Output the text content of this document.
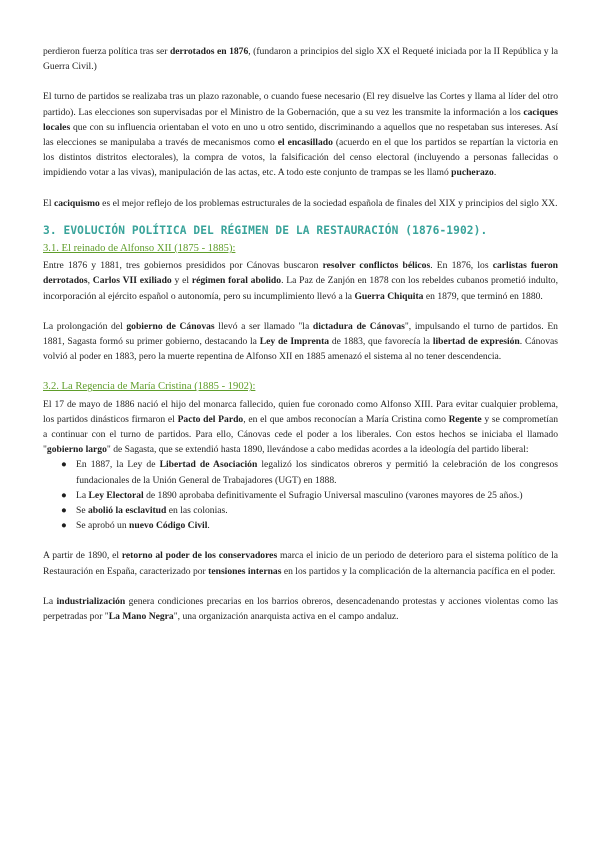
perdieron fuerza política tras ser derrotados en 1876, (fundaron a principios del siglo XX el Requeté iniciada por la II República y la Guerra Civil.)

El turno de partidos se realizaba tras un plazo razonable, o cuando fuese necesario (El rey disuelve las Cortes y llama al líder del otro partido). Las elecciones son supervisadas por el Ministro de la Gobernación, que a su vez les transmite la información a los caciques locales que con su influencia orientaban el voto en uno u otro sentido, discriminando a aquellos que no respetaban sus intereses. Así las elecciones se manipulaba a través de mecanismos como el encasillado (acuerdo en el que los partidos se repartían la victoria en los distintos distritos electorales), la compra de votos, la falsificación del censo electoral (incluyendo a personas fallecidas o impidiendo votar a las vivas), manipulación de las actas, etc. A todo este conjunto de trampas se les llamó pucherazo.

El caciquismo es el mejor reflejo de los problemas estructurales de la sociedad española de finales del XIX y principios del siglo XX.

3. EVOLUCIÓN POLÍTICA DEL RÉGIMEN DE LA RESTAURACIÓN (1876-1902).
3.1. El reinado de Alfonso XII (1875 - 1885):

Entre 1876 y 1881, tres gobiernos presididos por Cánovas buscaron resolver conflictos bélicos. En 1876, los carlistas fueron derrotados, Carlos VII exiliado y el régimen foral abolido. La Paz de Zanjón en 1878 con los rebeldes cubanos prometió indulto, incorporación al ejército español o autonomía, pero su incumplimiento llevó a la Guerra Chiquita en 1879, que terminó en 1880.

La prolongación del gobierno de Cánovas llevó a ser llamado "la dictadura de Cánovas", impulsando el turno de partidos. En 1881, Sagasta formó su primer gobierno, destacando la Ley de Imprenta de 1883, que favorecía la libertad de expresión. Cánovas volvió al poder en 1883, pero la muerte repentina de Alfonso XII en 1885 amenazó el sistema al no tener descendencia.

3.2. La Regencia de María Cristina (1885 - 1902):

El 17 de mayo de 1886 nació el hijo del monarca fallecido, quien fue coronado como Alfonso XIII. Para evitar cualquier problema, los partidos dinásticos firmaron el Pacto del Pardo, en el que ambos reconocían a María Cristina como Regente y se comprometían a continuar con el turno de partidos. Para ello, Cánovas cede el poder a los liberales. Con estos hechos se iniciaba el llamado "gobierno largo" de Sagasta, que se extendió hasta 1890, llevándose a cabo medidas acordes a la ideología del partido liberal:

● En 1887, la Ley de Libertad de Asociación legalizó los sindicatos obreros y permitió la celebración de los congresos fundacionales de la Unión General de Trabajadores (UGT) en 1888.
● La Ley Electoral de 1890 aprobaba definitivamente el Sufragio Universal masculino (varones mayores de 25 años.)
● Se abolió la esclavitud en las colonias.
● Se aprobó un nuevo Código Civil.

A partir de 1890, el retorno al poder de los conservadores marca el inicio de un periodo de deterioro para el sistema político de la Restauración en España, caracterizado por tensiones internas en los partidos y la complicación de la alternancia pacífica en el poder.

La industrialización genera condiciones precarias en los barrios obreros, desencadenando protestas y acciones violentas como las perpetradas por "La Mano Negra", una organización anarquista activa en el campo andaluz.
